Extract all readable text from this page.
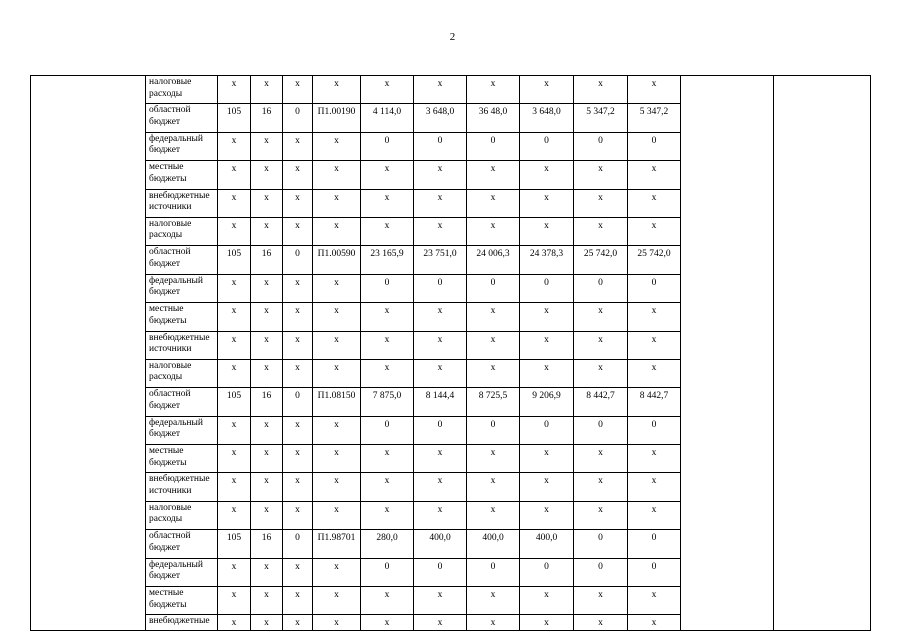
2
	налоговые расходы	х	х	х	х	х	х	х	х	х	х		
	областной бюджет	105	16	0	П1.00190	4 114,0	3 648,0	36 48,0	3 648,0	5 347,2	5 347,2		
	федеральный бюджет	х	х	х	х	0	0	0	0	0	0		
	местные бюджеты	х	х	х	х	х	х	х	х	х	х		
	внебюджетные источники	х	х	х	х	х	х	х	х	х	х		
	налоговые расходы	х	х	х	х	х	х	х	х	х	х		
	областной бюджет	105	16	0	П1.00590	23 165,9	23 751,0	24 006,3	24 378,3	25 742,0	25 742,0		
	федеральный бюджет	х	х	х	х	0	0	0	0	0	0		
	местные бюджеты	х	х	х	х	х	х	х	х	х	х		
	внебюджетные источники	х	х	х	х	х	х	х	х	х	х		
	налоговые расходы	х	х	х	х	х	х	х	х	х	х		
	областной бюджет	105	16	0	П1.08150	7 875,0	8 144,4	8 725,5	9 206,9	8 442,7	8 442,7		
	федеральный бюджет	х	х	х	х	0	0	0	0	0	0		
	местные бюджеты	х	х	х	х	х	х	х	х	х	х		
	внебюджетные источники	х	х	х	х	х	х	х	х	х	х		
	налоговые расходы	х	х	х	х	х	х	х	х	х	х		
	областной бюджет	105	16	0	П1.98701	280,0	400,0	400,0	400,0	0	0		
	федеральный бюджет	х	х	х	х	0	0	0	0	0	0		
	местные бюджеты	х	х	х	х	х	х	х	х	х	х		
	внебюджетные	х	х	х	х	х	х	х	х	х	х		
